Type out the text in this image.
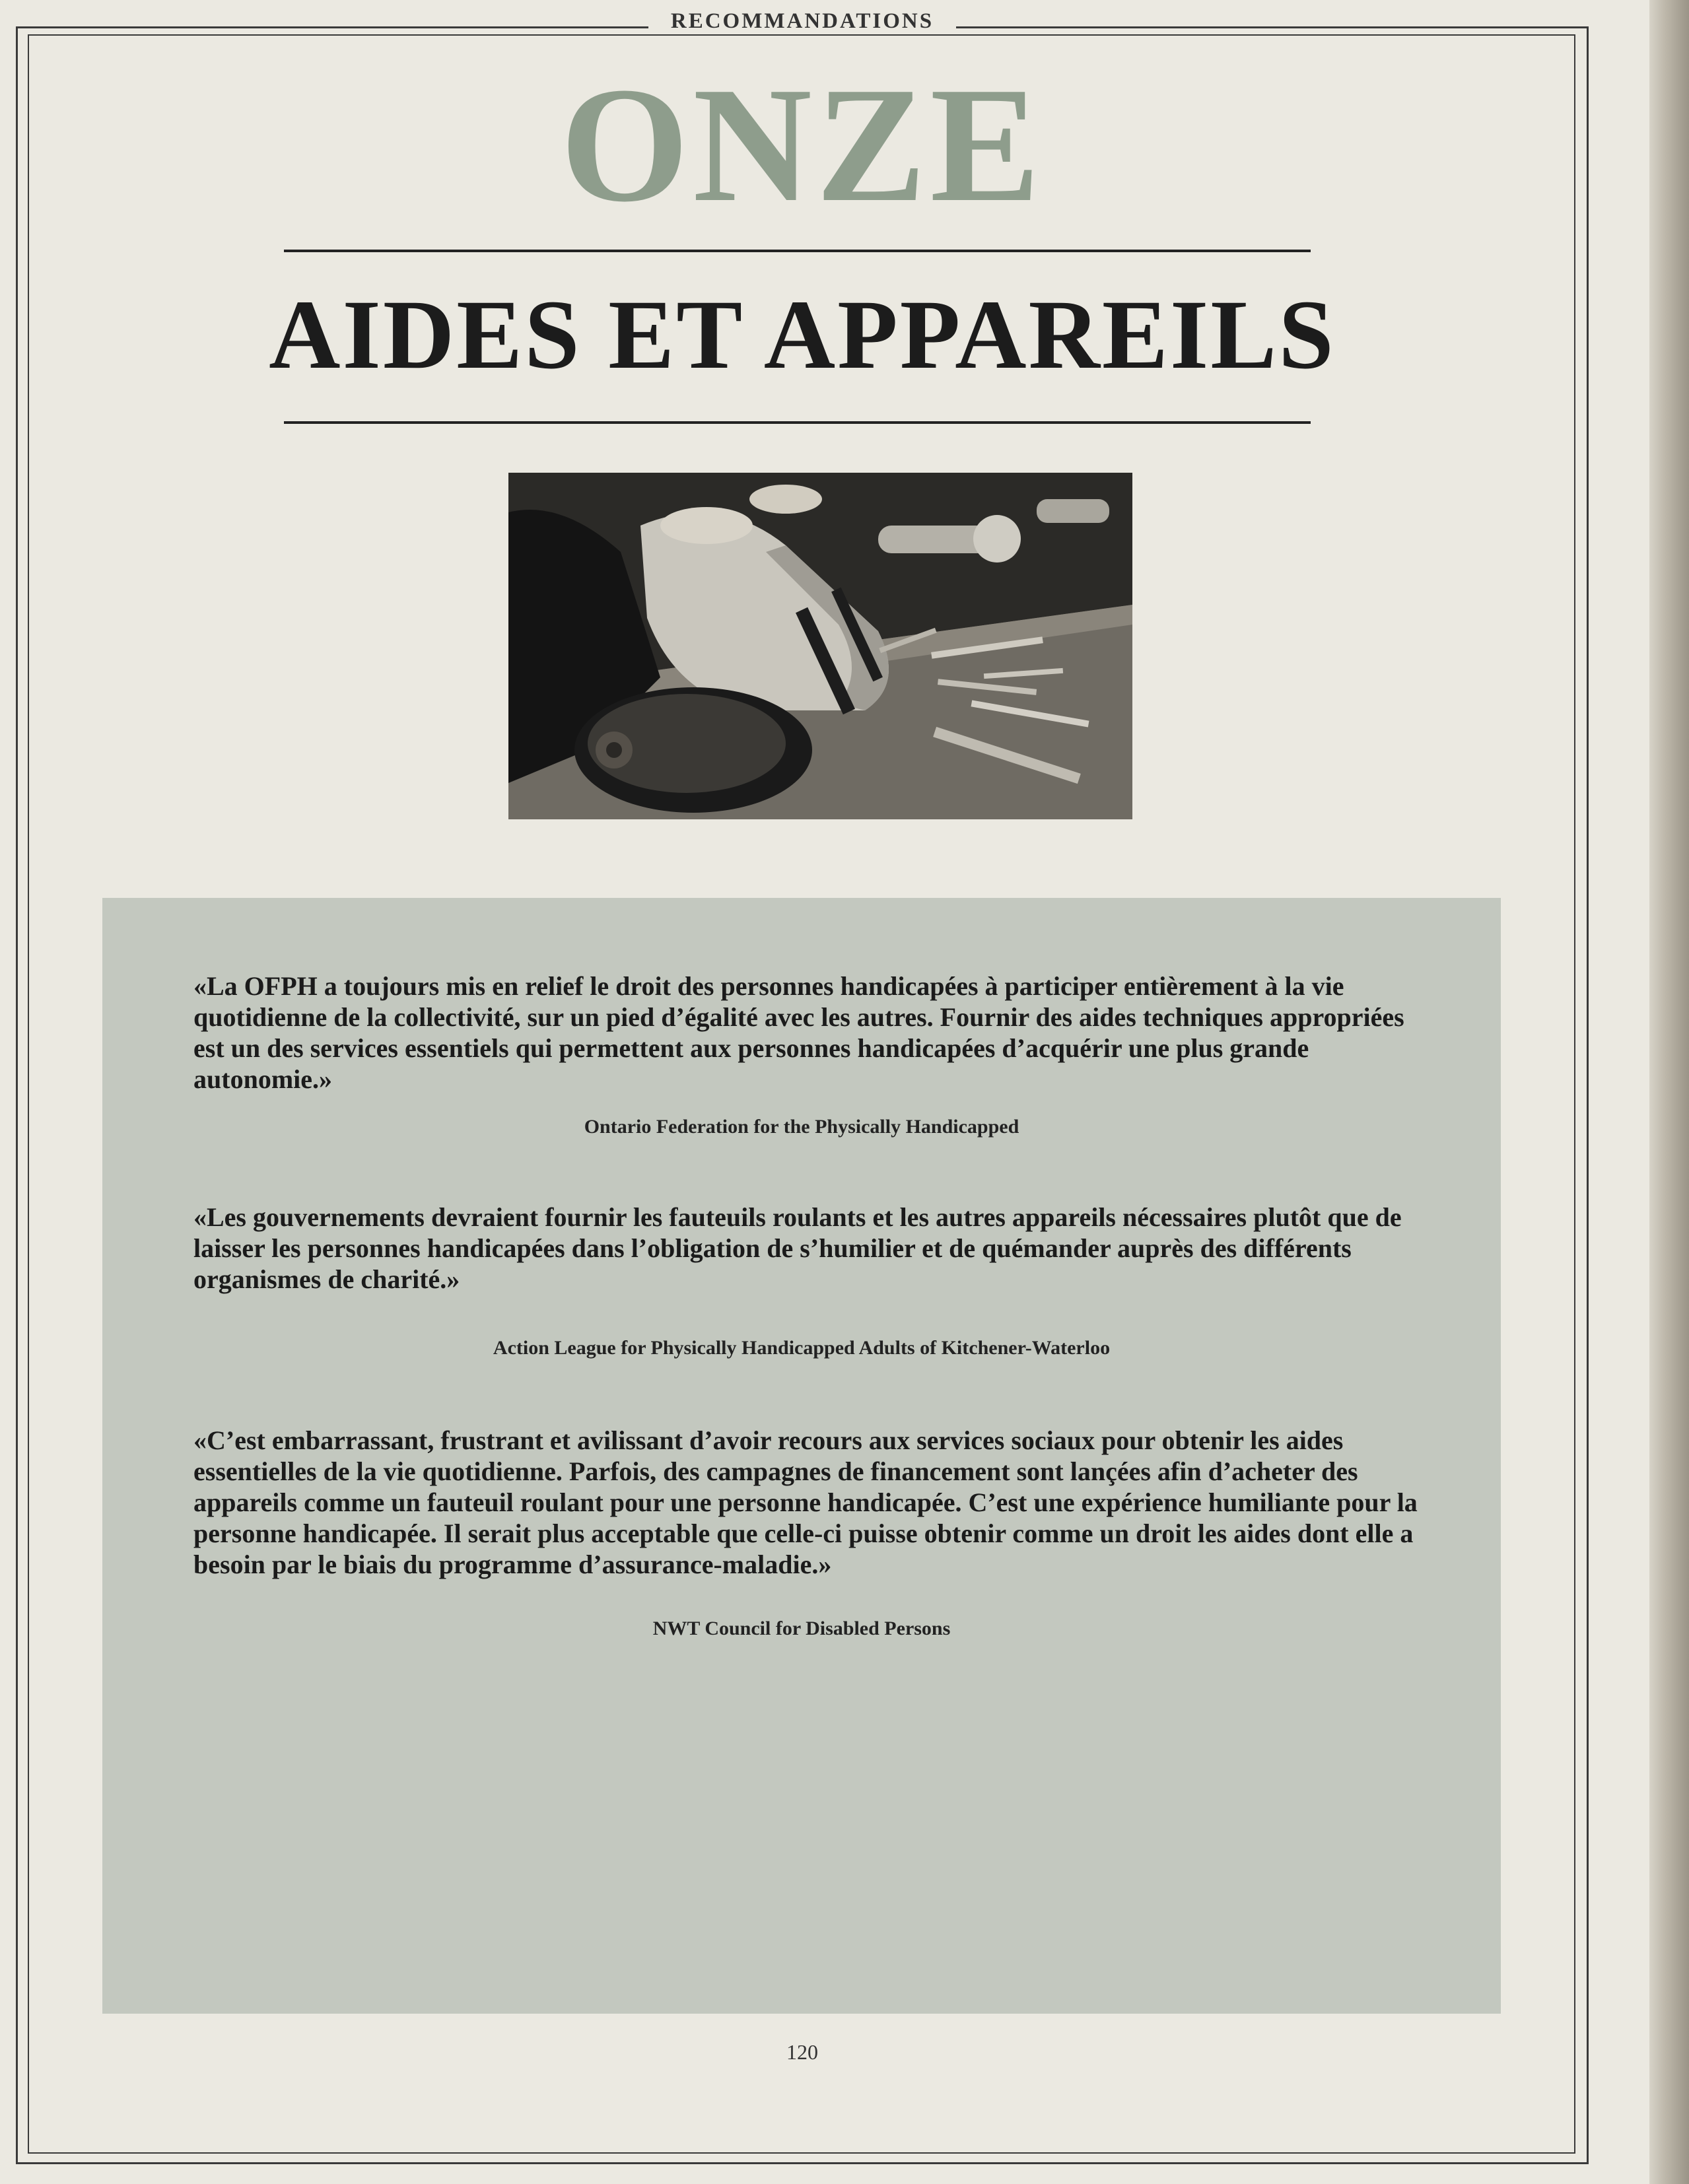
RECOMMANDATIONS
ONZE
AIDES ET APPAREILS
«La OFPH a toujours mis en relief le droit des personnes handicapées à participer entièrement à la vie quotidienne de la collectivité, sur un pied d’égalité avec les autres. Fournir des aides techniques appropriées est un des services essentiels qui permettent aux personnes handicapées d’acquérir une plus grande autonomie.»
Ontario Federation for the Physically Handicapped
«Les gouvernements devraient fournir les fauteuils roulants et les autres appareils nécessaires plutôt que de laisser les personnes handicapées dans l’obligation de s’humilier et de quémander auprès des différents organismes de charité.»
Action League for Physically Handicapped Adults of Kitchener-Waterloo
«C’est embarrassant, frustrant et avilissant d’avoir recours aux services sociaux pour obtenir les aides essentielles de la vie quotidienne. Parfois, des campagnes de financement sont lançées afin d’acheter des appareils comme un fauteuil roulant pour une personne handicapée. C’est une expérience humiliante pour la personne handicapée. Il serait plus acceptable que celle-ci puisse obtenir comme un droit les aides dont elle a besoin par le biais du programme d’assurance-maladie.»
NWT Council for Disabled Persons
120
